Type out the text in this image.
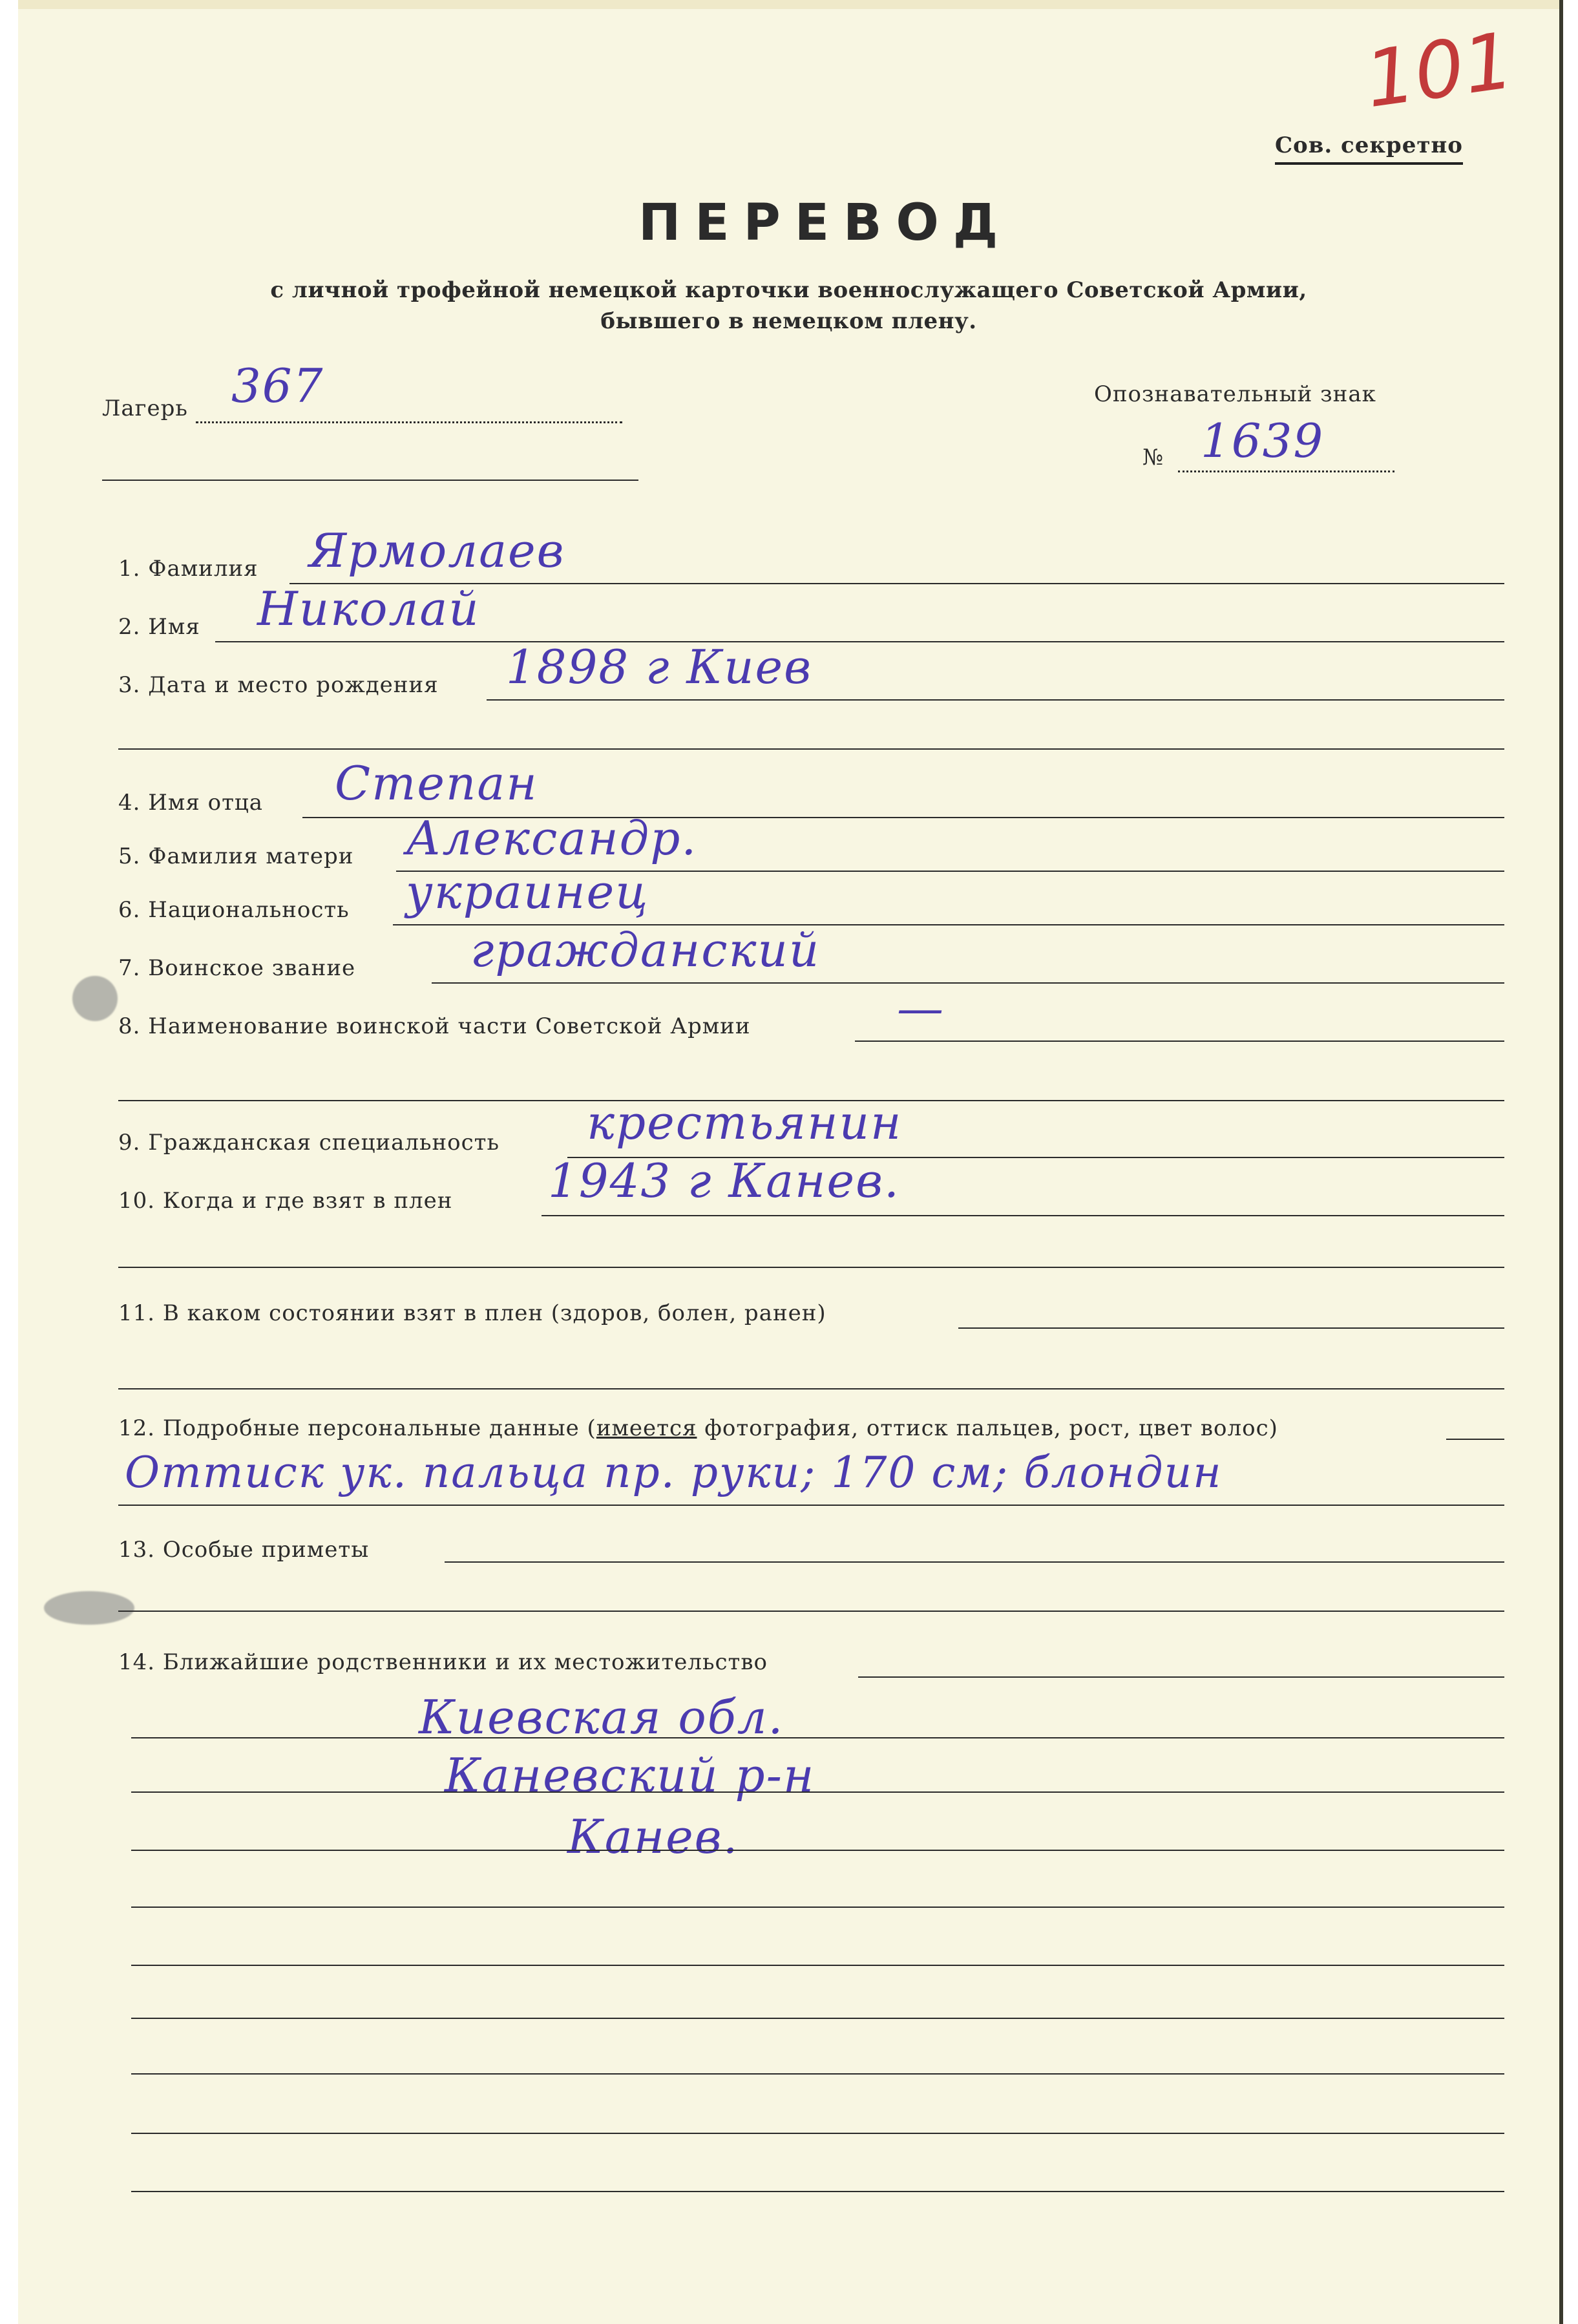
101
Сов. секретно
ПЕРЕВОД
с личной трофейной немецкой карточки военнослужащего Советской Армии,
бывшего в немецком плену.
Лагерь 367	Опознавательный знак
№ 1639
1. Фамилия Ярмолаев
2. Имя Николай
3. Дата и место рождения 1898 г Киев
4. Имя отца Степан
5. Фамилия матери Александр.
6. Национальность украинец
7. Воинское звание гражданский
8. Наименование воинской части Советской Армии	—
9. Гражданская специальность крестьянин
10. Когда и где взят в плен 1943 г Канев.
11. В каком состоянии взят в плен (здоров, болен, ранен)
12. Подробные персональные данные (имеется фотография, оттиск пальцев, рост, цвет волос)
Оттиск ук. пальца пр. руки; 170 см; блондин
13. Особые приметы
14. Ближайшие родственники и их местожительство
Киевская обл.
Каневский р-н
Канев.
